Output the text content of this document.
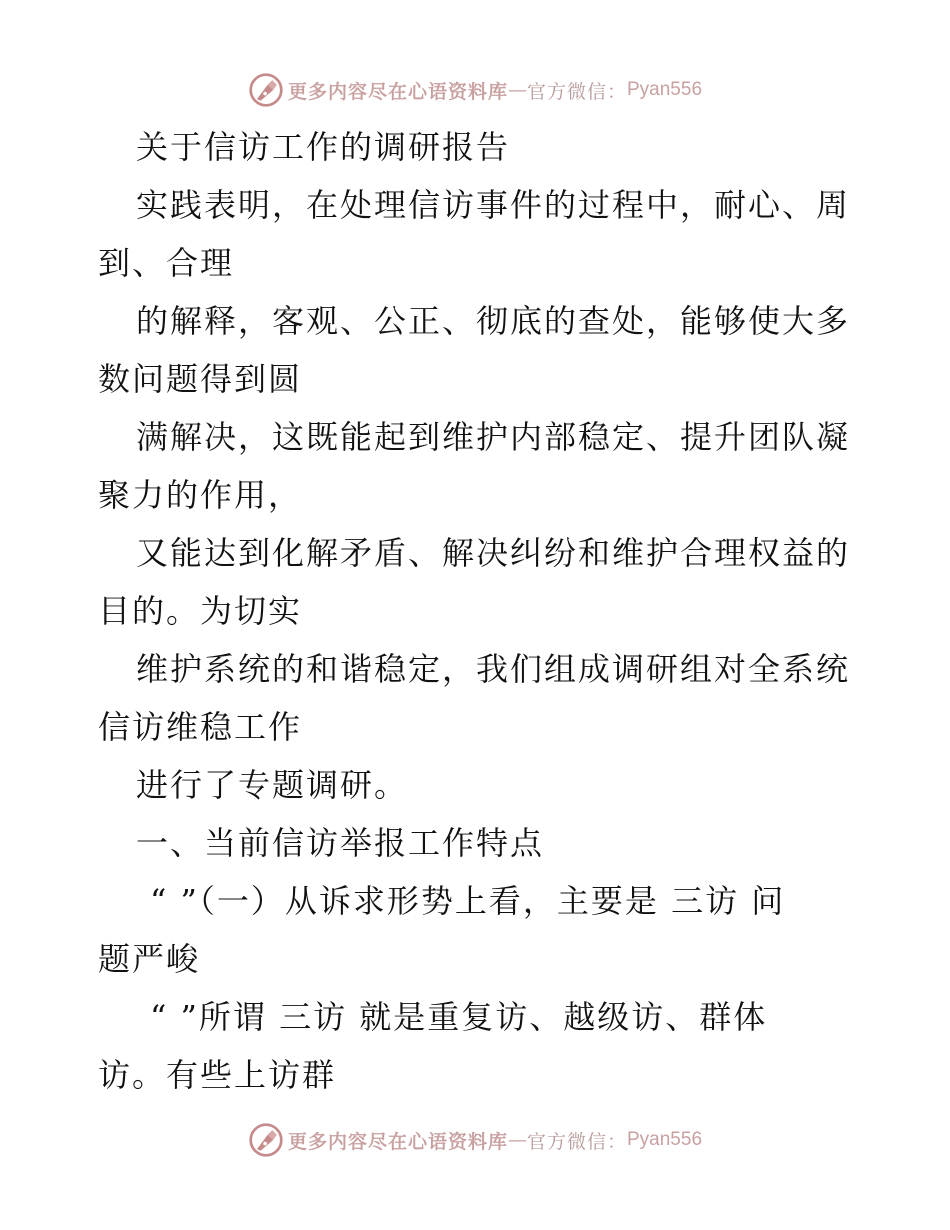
更多内容尽在心语资料库 — 官方微信： Pyan556
关于信访工作的调研报告
实践表明，在处理信访事件的过程中，耐心、周
到、合理
的解释，客观、公正、彻底的查处，能够使大多
数问题得到圆
满解决，这既能起到维护内部稳定、提升团队凝
聚力的作用，
又能达到化解矛盾、解决纠纷和维护合理权益的
目的。为切实
维护系统的和谐稳定，我们组成调研组对全系统
信访维稳工作
进行了专题调研。
一、当前信访举报工作特点
“ ”（一）从诉求形势上看，主要是 三访 问
题严峻
“ ”所谓 三访 就是重复访、越级访、群体
访。有些上访群
更多内容尽在心语资料库 — 官方微信： Pyan556
